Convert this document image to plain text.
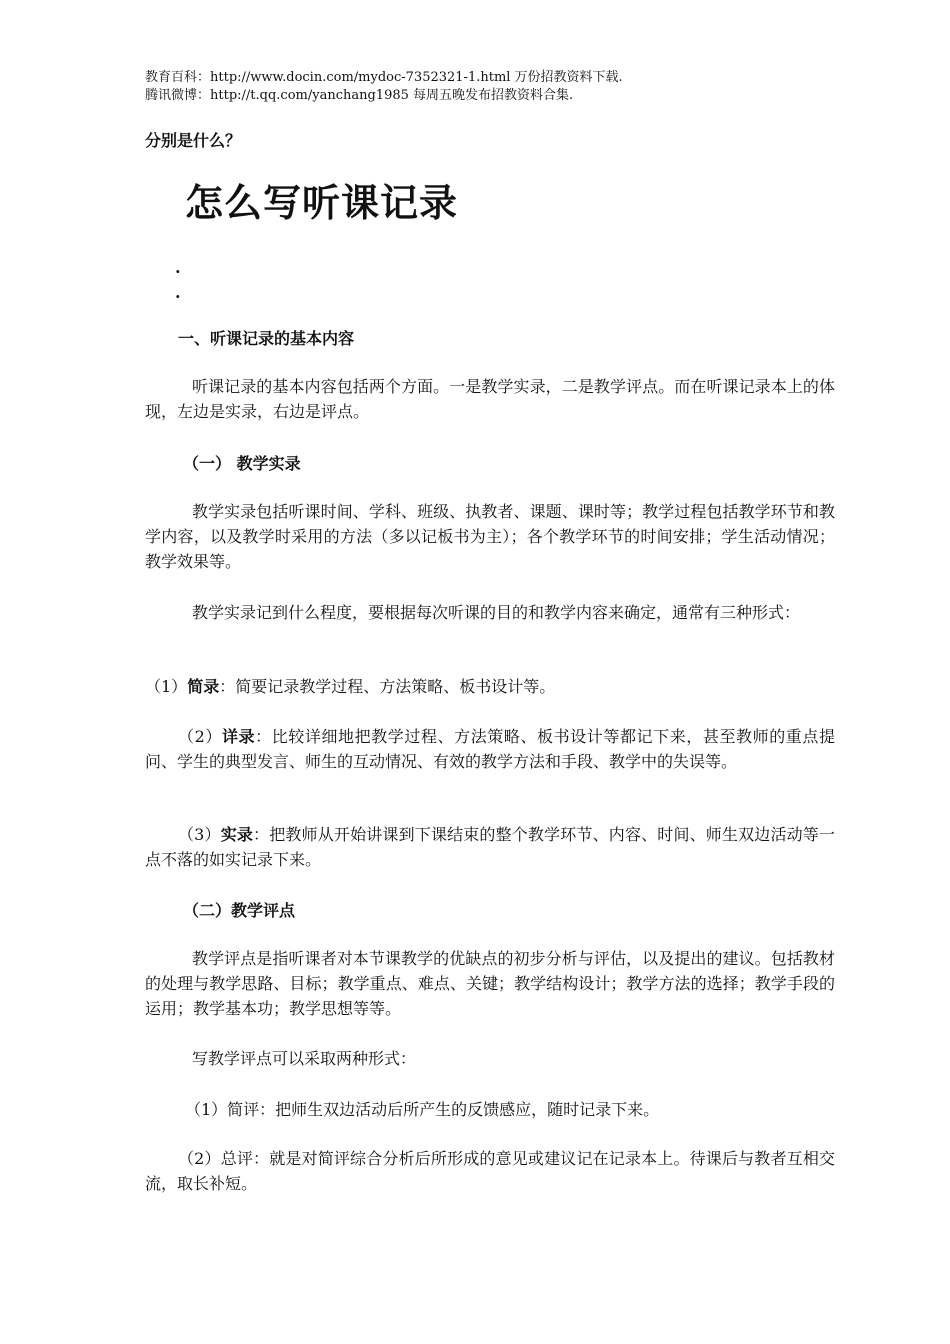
教育百科：http://www.docin.com/mydoc-7352321-1.html 万份招教资料下载.
腾讯微博：http://t.qq.com/yanchang1985 每周五晚发布招教资料合集.
分别是什么？
怎么写听课记录
·
·
一、听课记录的基本内容
听课记录的基本内容包括两个方面。一是教学实录，二是教学评点。而在听课记录本上的体现，左边是实录，右边是评点。
（一） 教学实录
教学实录包括听课时间、学科、班级、执教者、课题、课时等；教学过程包括教学环节和教学内容，以及教学时采用的方法（多以记板书为主）；各个教学环节的时间安排；学生活动情况；教学效果等。
教学实录记到什么程度，要根据每次听课的目的和教学内容来确定，通常有三种形式：
（1）简录：简要记录教学过程、方法策略、板书设计等。
（2）详录：比较详细地把教学过程、方法策略、板书设计等都记下来，甚至教师的重点提问、学生的典型发言、师生的互动情况、有效的教学方法和手段、教学中的失误等。
（3）实录：把教师从开始讲课到下课结束的整个教学环节、内容、时间、师生双边活动等一点不落的如实记录下来。
（二）教学评点
教学评点是指听课者对本节课教学的优缺点的初步分析与评估，以及提出的建议。包括教材的处理与教学思路、目标；教学重点、难点、关键；教学结构设计；教学方法的选择；教学手段的运用；教学基本功；教学思想等等。
写教学评点可以采取两种形式：
（1）简评：把师生双边活动后所产生的反馈感应，随时记录下来。
（2）总评：就是对简评综合分析后所形成的意见或建议记在记录本上。待课后与教者互相交流，取长补短。
